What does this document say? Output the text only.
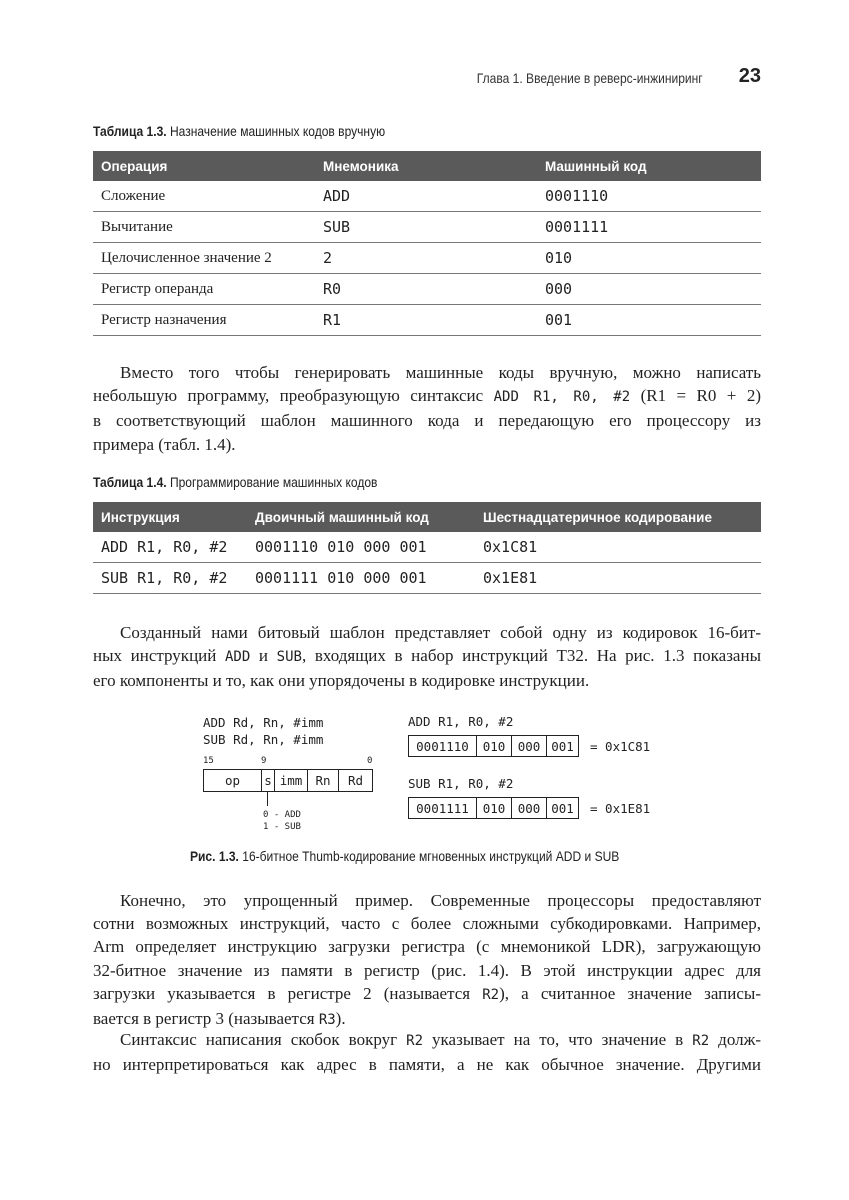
Глава 1. Введение в реверс-инжиниринг 23
Таблица 1.3. Назначение машинных кодов вручную
Операция	Мнемоника	Машинный код
Сложение	ADD	0001110
Вычитание	SUB	0001111
Целочисленное значение 2	2	010
Регистр операнда	R0	000
Регистр назначения	R1	001
Вместо того чтобы генерировать машинные коды вручную, можно написать
небольшую программу, преобразующую синтаксис ADD R1, R0, #2 (R1 = R0 + 2)
в соответствующий шаблон машинного кода и передающую его процессору из
примера (табл. 1.4).
Таблица 1.4. Программирование машинных кодов
Инструкция	Двоичный машинный код	Шестнадцатеричное кодирование
ADD R1, R0, #2	0001110 010 000 001	0x1C81
SUB R1, R0, #2	0001111 010 000 001	0x1E81
Созданный нами битовый шаблон представляет собой одну из кодировок 16-бит-
ных инструкций ADD и SUB, входящих в набор инструкций T32. На рис. 1.3 показаны
его компоненты и то, как они упорядочены в кодировке инструкции.
ADD Rd, Rn, #imm
SUB Rd, Rn, #imm
15	9	0
op	s imm	Rn	Rd
0 - ADD
1 - SUB
ADD R1, R0, #2
0001110	010 000 001	= 0x1C81
SUB R1, R0, #2
0001111	010 000 001	= 0x1E81
Рис. 1.3. 16-битное Thumb-кодирование мгновенных инструкций ADD и SUB
Конечно, это упрощенный пример. Современные процессоры предоставляют
сотни возможных инструкций, часто с более сложными субкодировками. Например,
Arm определяет инструкцию загрузки регистра (с мнемоникой LDR), загружающую
32-битное значение из памяти в регистр (рис. 1.4). В этой инструкции адрес для
загрузки указывается в регистре 2 (называется R2), а считанное значение записы-
вается в регистр 3 (называется R3).
Синтаксис написания скобок вокруг R2 указывает на то, что значение в R2 долж-
но интерпретироваться как адрес в памяти, а не как обычное значение. Другими
